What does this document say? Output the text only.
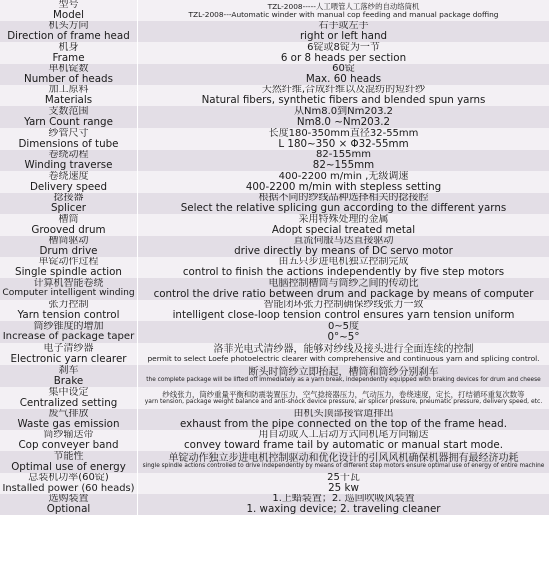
型号
Model
TZL-2008-----人工喂管人工落纱的自动络筒机
TZL-2008---Automatic winder with manual cop feeding and manual package doffing
机头方向
Direction of frame head
右手或左手
right or left hand
机身
Frame
6锭或8锭为一节
6 or 8 heads per section
单机锭数
Number of heads
60锭
Max. 60 heads
加工原料
Materials
天然纤维,合成纤维以及混纺的短纤纱
Natural fibers, synthetic fibers and blended spun yarns
支数范围
Yarn Count range
从Nm8.0到Nm203.2
Nm8.0 ~Nm203.2
纱管尺寸
Dimensions of tube
长度180-350mm直径32-55mm
L 180~350 × Φ32-55mm
卷绕动程
Winding traverse
82-155mm
82~155mm
卷绕速度
Delivery speed
400-2200 m/min ,无级调速
400-2200 m/min with stepless setting
捻接器
Splicer
根据不同的纱线品种选择相关的捻接腔
Select the relative splicing gun according to the different yarns
槽筒
Grooved drum
采用特殊处理的金属
Adopt special treated metal
槽筒驱动
Drum drive
直流伺服马达直接驱动
drive directly by means of DC servo motor
单锭动作过程
Single spindle action
由五只步进电机独立控制完成
control to finish the actions independently by five step motors
计算机智能卷绕
Computer intelligent winding
电脑控制槽筒与筒纱之间的传动比
control the drive ratio between drum and package by means of computer
张力控制
Yarn tension control
智能闭环张力控制确保纱线张力一致
intelligent close-loop tension control ensures yarn tension uniform
筒纱锥度的增加
Increase of package taper
0~5度
0°~5°
电子清纱器
Electronic yarn clearer
洛菲光电式清纱器，能够对纱线及接头进行全面连续的控制
permit to select Loefe photoelectric clearer with comprehensive and continuous yarn and splicing control.
刹车
Brake
断头时筒纱立即抬起，槽筒和筒纱分别刹车
the complete package will be lifted off immediately as a yarn break, independently equipped with braking devices for drum and cheese
集中设定
Centralized setting
纱线张力，筒纱重量平衡和防震装置压力，空气捻接器压力，气动压力，卷绕速度，定长，打结循环重复次数等
yarn tension, package weight balance and anti-shock device pressure, air splicer pressure, pneumatic pressure, delivery speed, etc.
废气排放
Waste gas emission
由机头顶部接管道排出
exhaust from the pipe connected on the top of the frame head.
筒纱输送带
Cop conveyer band
用自动或人工启动方式向机尾方向输送
convey toward frame tail by automatic or manual start mode.
节能性
Optimal use of energy
单锭动作独立步进电机控制驱动和优化设计的引风风机确保机器拥有最经济功耗
single spindle actions controlled to drive independently by means of different step motors ensure optimal use of energy of entire machine
总装机功率(60锭)
Installed power (60 heads)
25千瓦
25 kw
选购装置
Optional
1.上蜡装置；2. 巡回吹吸风装置
1. waxing device; 2. traveling cleaner
